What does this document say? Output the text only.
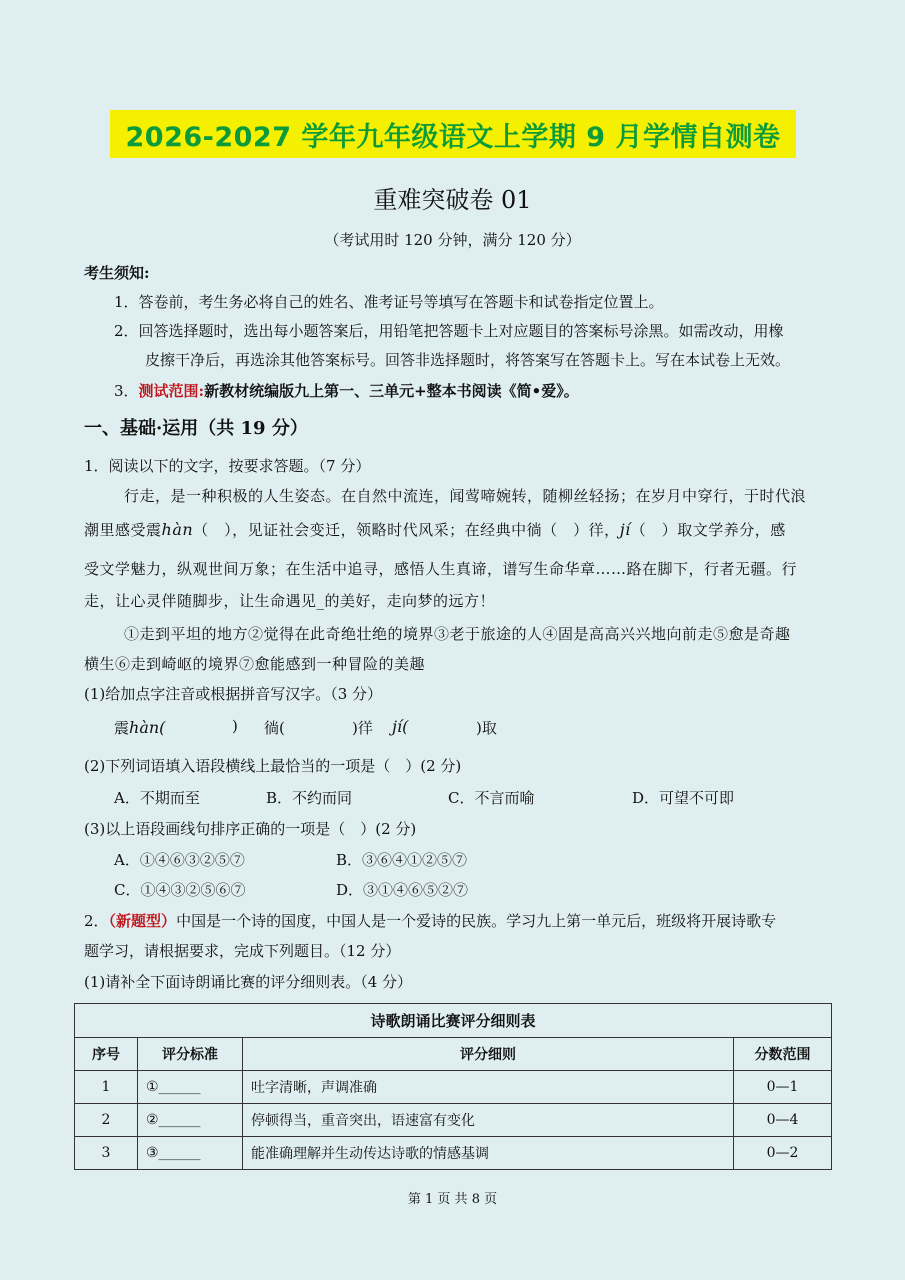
2026-2027 学年九年级语文上学期 9 月学情自测卷
重难突破卷 01
（考试用时 120 分钟，满分 120 分）
考生须知:
1．答卷前，考生务必将自己的姓名、准考证号等填写在答题卡和试卷指定位置上。
2．回答选择题时，选出每小题答案后，用铅笔把答题卡上对应题目的答案标号涂黑。如需改动，用橡
皮擦干净后，再选涂其他答案标号。回答非选择题时，将答案写在答题卡上。写在本试卷上无效。
3．测试范围:新教材统编版九上第一、三单元+整本书阅读《简•爱》。
一、基础·运用（共 19 分）
1．阅读以下的文字，按要求答题。（7 分）
行走，是一种积极的人生姿态。在自然中流连，闻莺啼婉转，随柳丝轻扬；在岁月中穿行，于时代浪
潮里感受震hàn（　），见证社会变迁，领略时代风采；在经典中徜（　）徉，jí（　）取文学养分，感
受文学魅力，纵观世间万象；在生活中追寻，感悟人生真谛，谱写生命华章……路在脚下，行者无疆。行
走，让心灵伴随脚步，让生命遇见_的美好，走向梦的远方！
①走到平坦的地方②觉得在此奇绝壮绝的境界③老于旅途的人④固是高高兴兴地向前走⑤愈是奇趣
横生⑥走到崎岖的境界⑦愈能感到一种冒险的美趣
(1)给加点字注音或根据拼音写汉字。（3 分）
震hàn(	) 徜(	)徉 jí(	)取
(2)下列词语填入语段横线上最恰当的一项是（　）(2 分)
A．不期而至	B．不约而同	C．不言而喻	D．可望不可即
(3)以上语段画线句排序正确的一项是（　）(2 分)
A．①④⑥③②⑤⑦	B．③⑥④①②⑤⑦
C．①④③②⑤⑥⑦	D．③①④⑥⑤②⑦
2．（新题型）中国是一个诗的国度，中国人是一个爱诗的民族。学习九上第一单元后，班级将开展诗歌专
题学习，请根据要求，完成下列题目。（12 分）
(1)请补全下面诗朗诵比赛的评分细则表。（4 分）
诗歌朗诵比赛评分细则表			
序号	评分标准	评分细则	分数范围
1	①______	吐字清晰，声调准确	0—1
2	②______	停顿得当，重音突出，语速富有变化	0—4
3	③______	能准确理解并生动传达诗歌的情感基调	0—2
第 1 页 共 8 页
